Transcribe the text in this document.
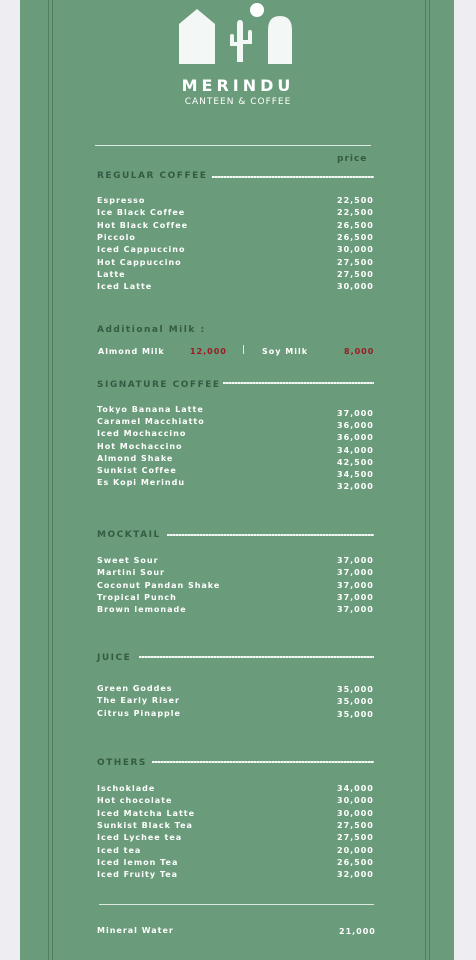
MERINDU
CANTEEN & COFFEE
price
REGULAR COFFEE
Espresso	22,500
Ice Black Coffee	22,500
Hot Black Coffee	26,500
Piccolo	26,500
Iced Cappuccino	30,000
Hot Cappuccino	27,500
Latte	27,500
Iced Latte	30,000
Additional Milk :
Almond Milk	12,000 | Soy Milk	8,000
SIGNATURE COFFEE
Tokyo Banana Latte	37,000
Caramel Macchiatto	36,000
Iced Mochaccino	36,000
Hot Mochaccino	34,000
Almond Shake	42,500
Sunkist Coffee	34,500
Es Kopi Merindu	32,000
MOCKTAIL
Sweet Sour	37,000
Martini Sour	37,000
Coconut Pandan Shake	37,000
Tropical Punch	37,000
Brown lemonade	37,000
JUICE
Green Goddes	35,000
The Early Riser	35,000
Citrus Pinapple	35,000
OTHERS
Ischoklade	34,000
Hot chocolate	30,000
Iced Matcha Latte	30,000
Sunkist Black Tea	27,500
Iced Lychee tea	27,500
Iced tea	20,000
Iced lemon Tea	26,500
Iced Fruity Tea	32,000
Mineral Water	21,000
